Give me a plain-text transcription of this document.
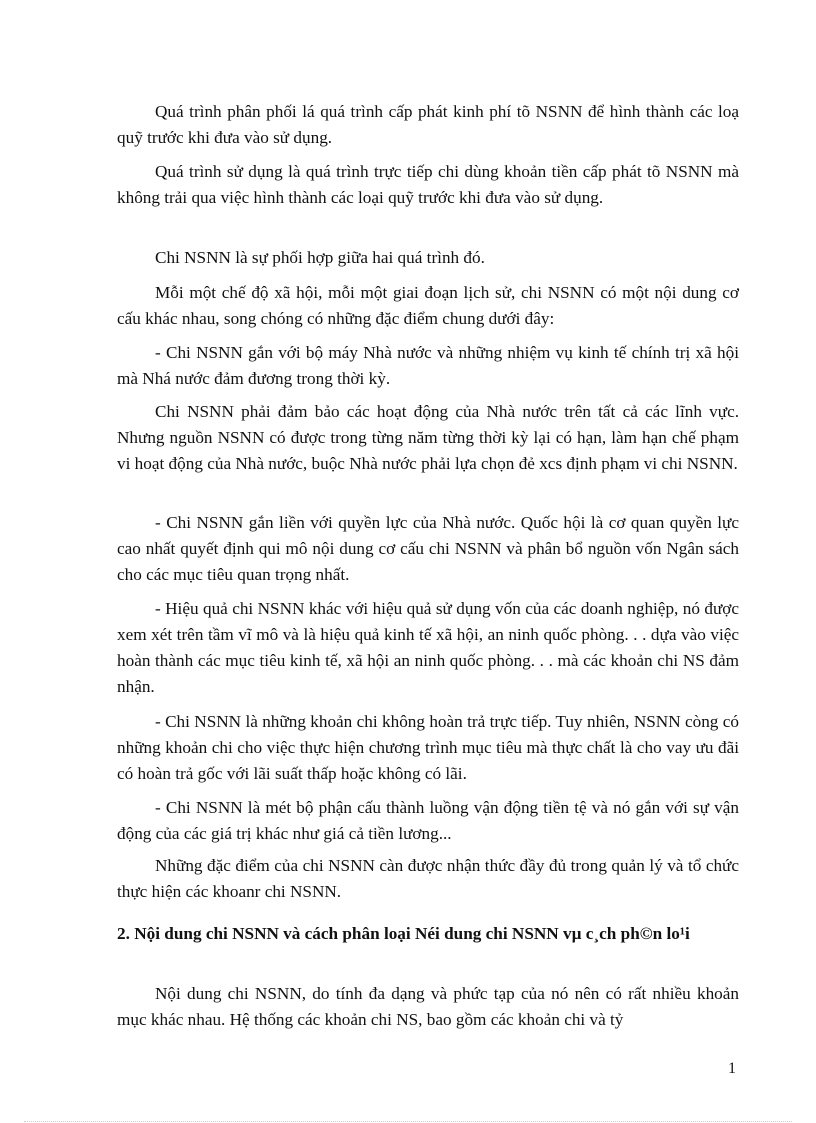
Quá trình phân phối lá quá trình cấp phát kinh phí tõ NSNN để hình thành các loạ quỹ trước khi đưa vào sử dụng.

Quá trình sử dụng là quá trình trực tiếp chi dùng khoản tiền cấp phát tõ NSNN mà không trải qua việc hình thành các loại quỹ trước khi đưa vào sử dụng.

Chi NSNN là sự phối hợp giữa hai quá trình đó.

Mỗi một chế độ xã hội, mỗi một giai đoạn lịch sử, chi NSNN có một nội dung cơ cấu khác nhau, song chóng có những đặc điểm chung dưới đây:

- Chi NSNN gắn với bộ máy Nhà nước và những nhiệm vụ kinh tế chính trị xã hội mà Nhá nước đảm đương trong thời kỳ.

Chi NSNN phải đảm bảo các hoạt động của Nhà nước trên tất cả các lĩnh vực. Nhưng nguồn NSNN có được trong từng năm từng thời kỳ lại có hạn, làm hạn chế phạm vi hoạt động của Nhà nước, buộc Nhà nước phải lựa chọn đẻ xcs định phạm vi chi NSNN.

- Chi NSNN gắn liền với quyền lực của Nhà nước. Quốc hội là cơ quan quyền lực cao nhất quyết định qui mô nội dung cơ cấu chi NSNN và phân bổ nguồn vốn Ngân sách cho các mục tiêu quan trọng nhất.

- Hiệu quả chi NSNN khác với hiệu quả sử dụng vốn của các doanh nghiệp, nó được xem xét trên tầm vĩ mô và là hiệu quả kinh tế xã hội, an ninh quốc phòng. . . dựa vào việc hoàn thành các mục tiêu kinh tế, xã hội an ninh quốc phòng. . . mà các khoản chi NS đảm nhận.

- Chi NSNN là những khoản chi không hoàn trả trực tiếp. Tuy nhiên, NSNN còng có những khoản chi cho việc thực hiện chương trình mục tiêu mà thực chất là cho vay ưu đãi có hoàn trả gốc với lãi suất thấp hoặc không có lãi.

- Chi NSNN là mét bộ phận cấu thành luồng vận động tiền tệ và nó gắn với sự vận động của các giá trị khác như giá cả tiền lương...

Những đặc điểm của chi NSNN càn được nhận thức đầy đủ trong quản lý và tổ chức thực hiện các khoanr chi NSNN.

2. Nội dung chi NSNN và cách phân loại Néi dung chi NSNN vµ c¸ch ph©n lo¹i

Nội dung chi NSNN, do tính đa dạng và phức tạp của nó nên có rất nhiều khoản mục khác nhau. Hệ thống các khoản chi NS, bao gồm các khoản chi và tỷ

1
